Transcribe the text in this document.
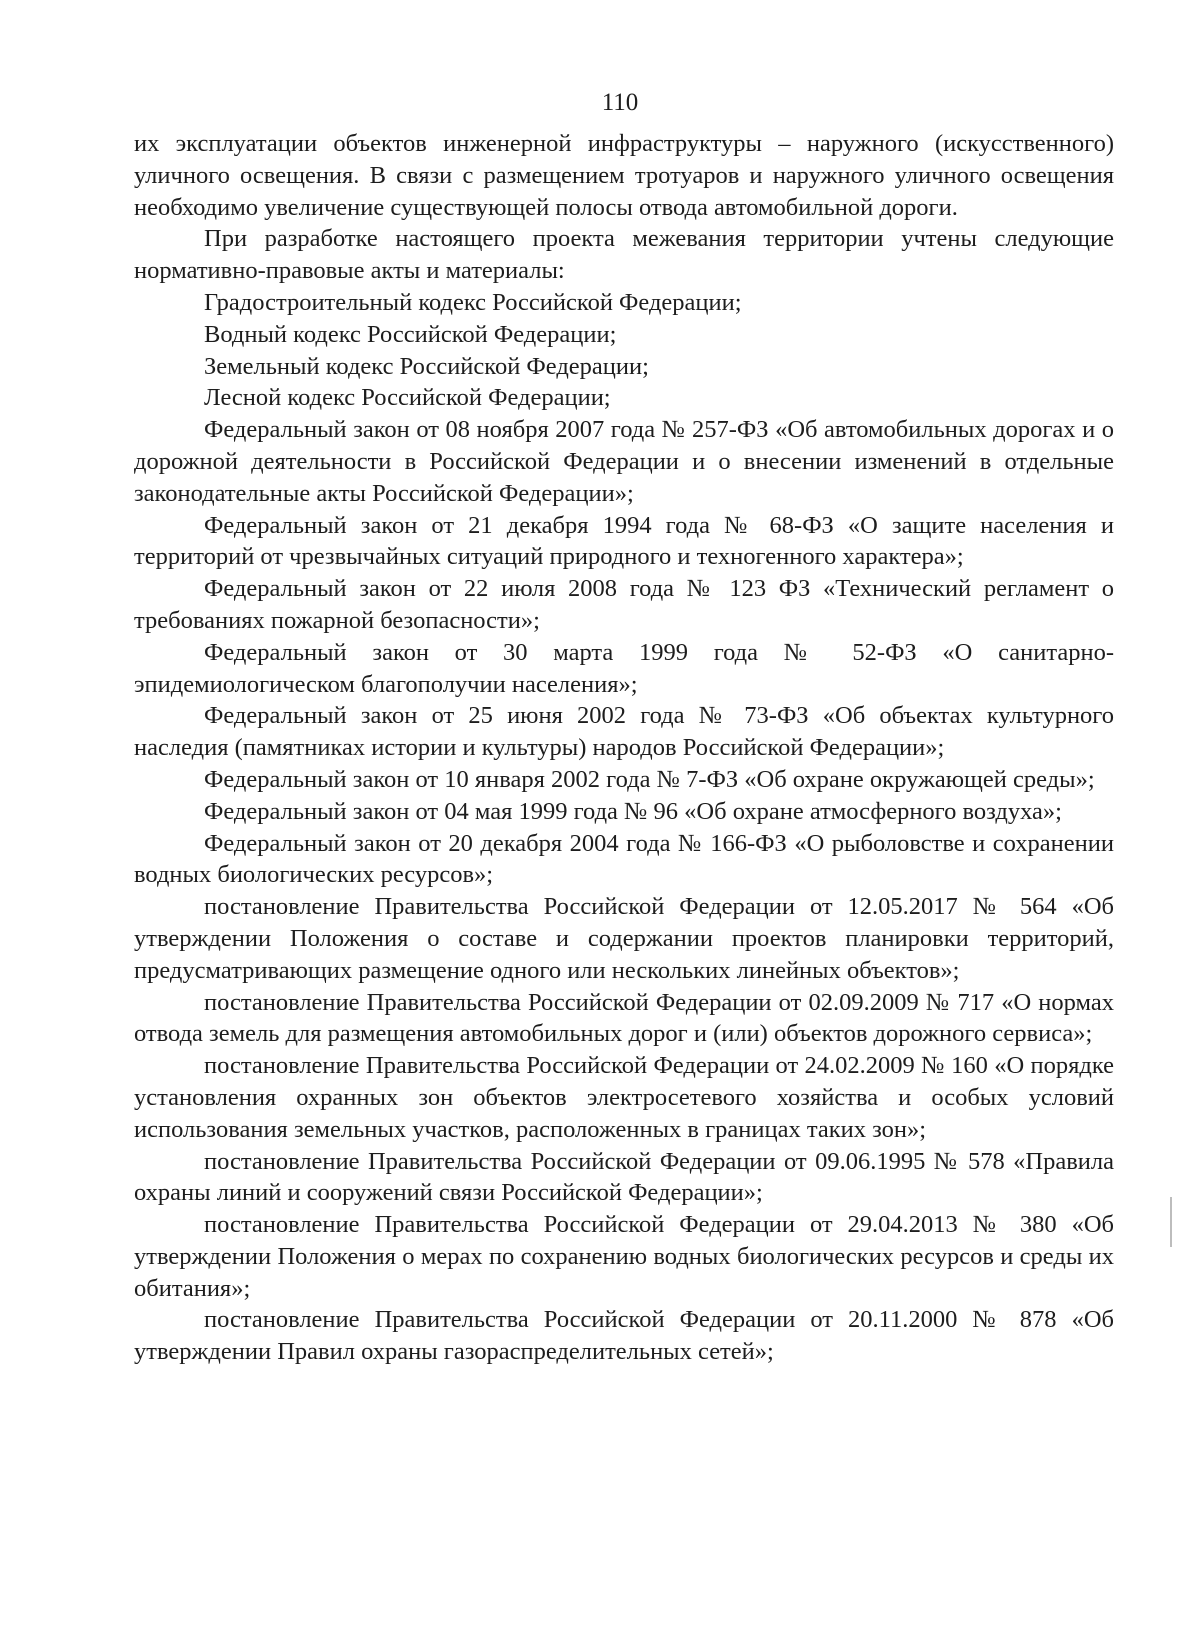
110

их эксплуатации объектов инженерной инфраструктуры – наружного (искусственного) уличного освещения. В связи с размещением тротуаров и наружного уличного освещения необходимо увеличение существующей полосы отвода автомобильной дороги.

При разработке настоящего проекта межевания территории учтены следующие нормативно-правовые акты и материалы:

Градостроительный кодекс Российской Федерации;

Водный кодекс Российской Федерации;

Земельный кодекс Российской Федерации;

Лесной кодекс Российской Федерации;

Федеральный закон от 08 ноября 2007 года № 257-ФЗ «Об автомобильных дорогах и о дорожной деятельности в Российской Федерации и о внесении изменений в отдельные законодательные акты Российской Федерации»;

Федеральный закон от 21 декабря 1994 года № 68-ФЗ «О защите населения и территорий от чрезвычайных ситуаций природного и техногенного характера»;

Федеральный закон от 22 июля 2008 года № 123 ФЗ «Технический регламент о требованиях пожарной безопасности»;

Федеральный закон от 30 марта 1999 года № 52-ФЗ «О санитарно-эпидемиологическом благополучии населения»;

Федеральный закон от 25 июня 2002 года № 73-ФЗ «Об объектах культурного наследия (памятниках истории и культуры) народов Российской Федерации»;

Федеральный закон от 10 января 2002 года № 7-ФЗ «Об охране окружающей среды»;

Федеральный закон от 04 мая 1999 года № 96 «Об охране атмосферного воздуха»;

Федеральный закон от 20 декабря 2004 года № 166-ФЗ «О рыболовстве и сохранении водных биологических ресурсов»;

постановление Правительства Российской Федерации от 12.05.2017 № 564 «Об утверждении Положения о составе и содержании проектов планировки территорий, предусматривающих размещение одного или нескольких линейных объектов»;

постановление Правительства Российской Федерации от 02.09.2009 № 717 «О нормах отвода земель для размещения автомобильных дорог и (или) объектов дорожного сервиса»;

постановление Правительства Российской Федерации от 24.02.2009 № 160 «О порядке установления охранных зон объектов электросетевого хозяйства и особых условий использования земельных участков, расположенных в границах таких зон»;

постановление Правительства Российской Федерации от 09.06.1995 № 578 «Правила охраны линий и сооружений связи Российской Федерации»;

постановление Правительства Российской Федерации от 29.04.2013 № 380 «Об утверждении Положения о мерах по сохранению водных биологических ресурсов и среды их обитания»;

постановление Правительства Российской Федерации от 20.11.2000 № 878 «Об утверждении Правил охраны газораспределительных сетей»;
